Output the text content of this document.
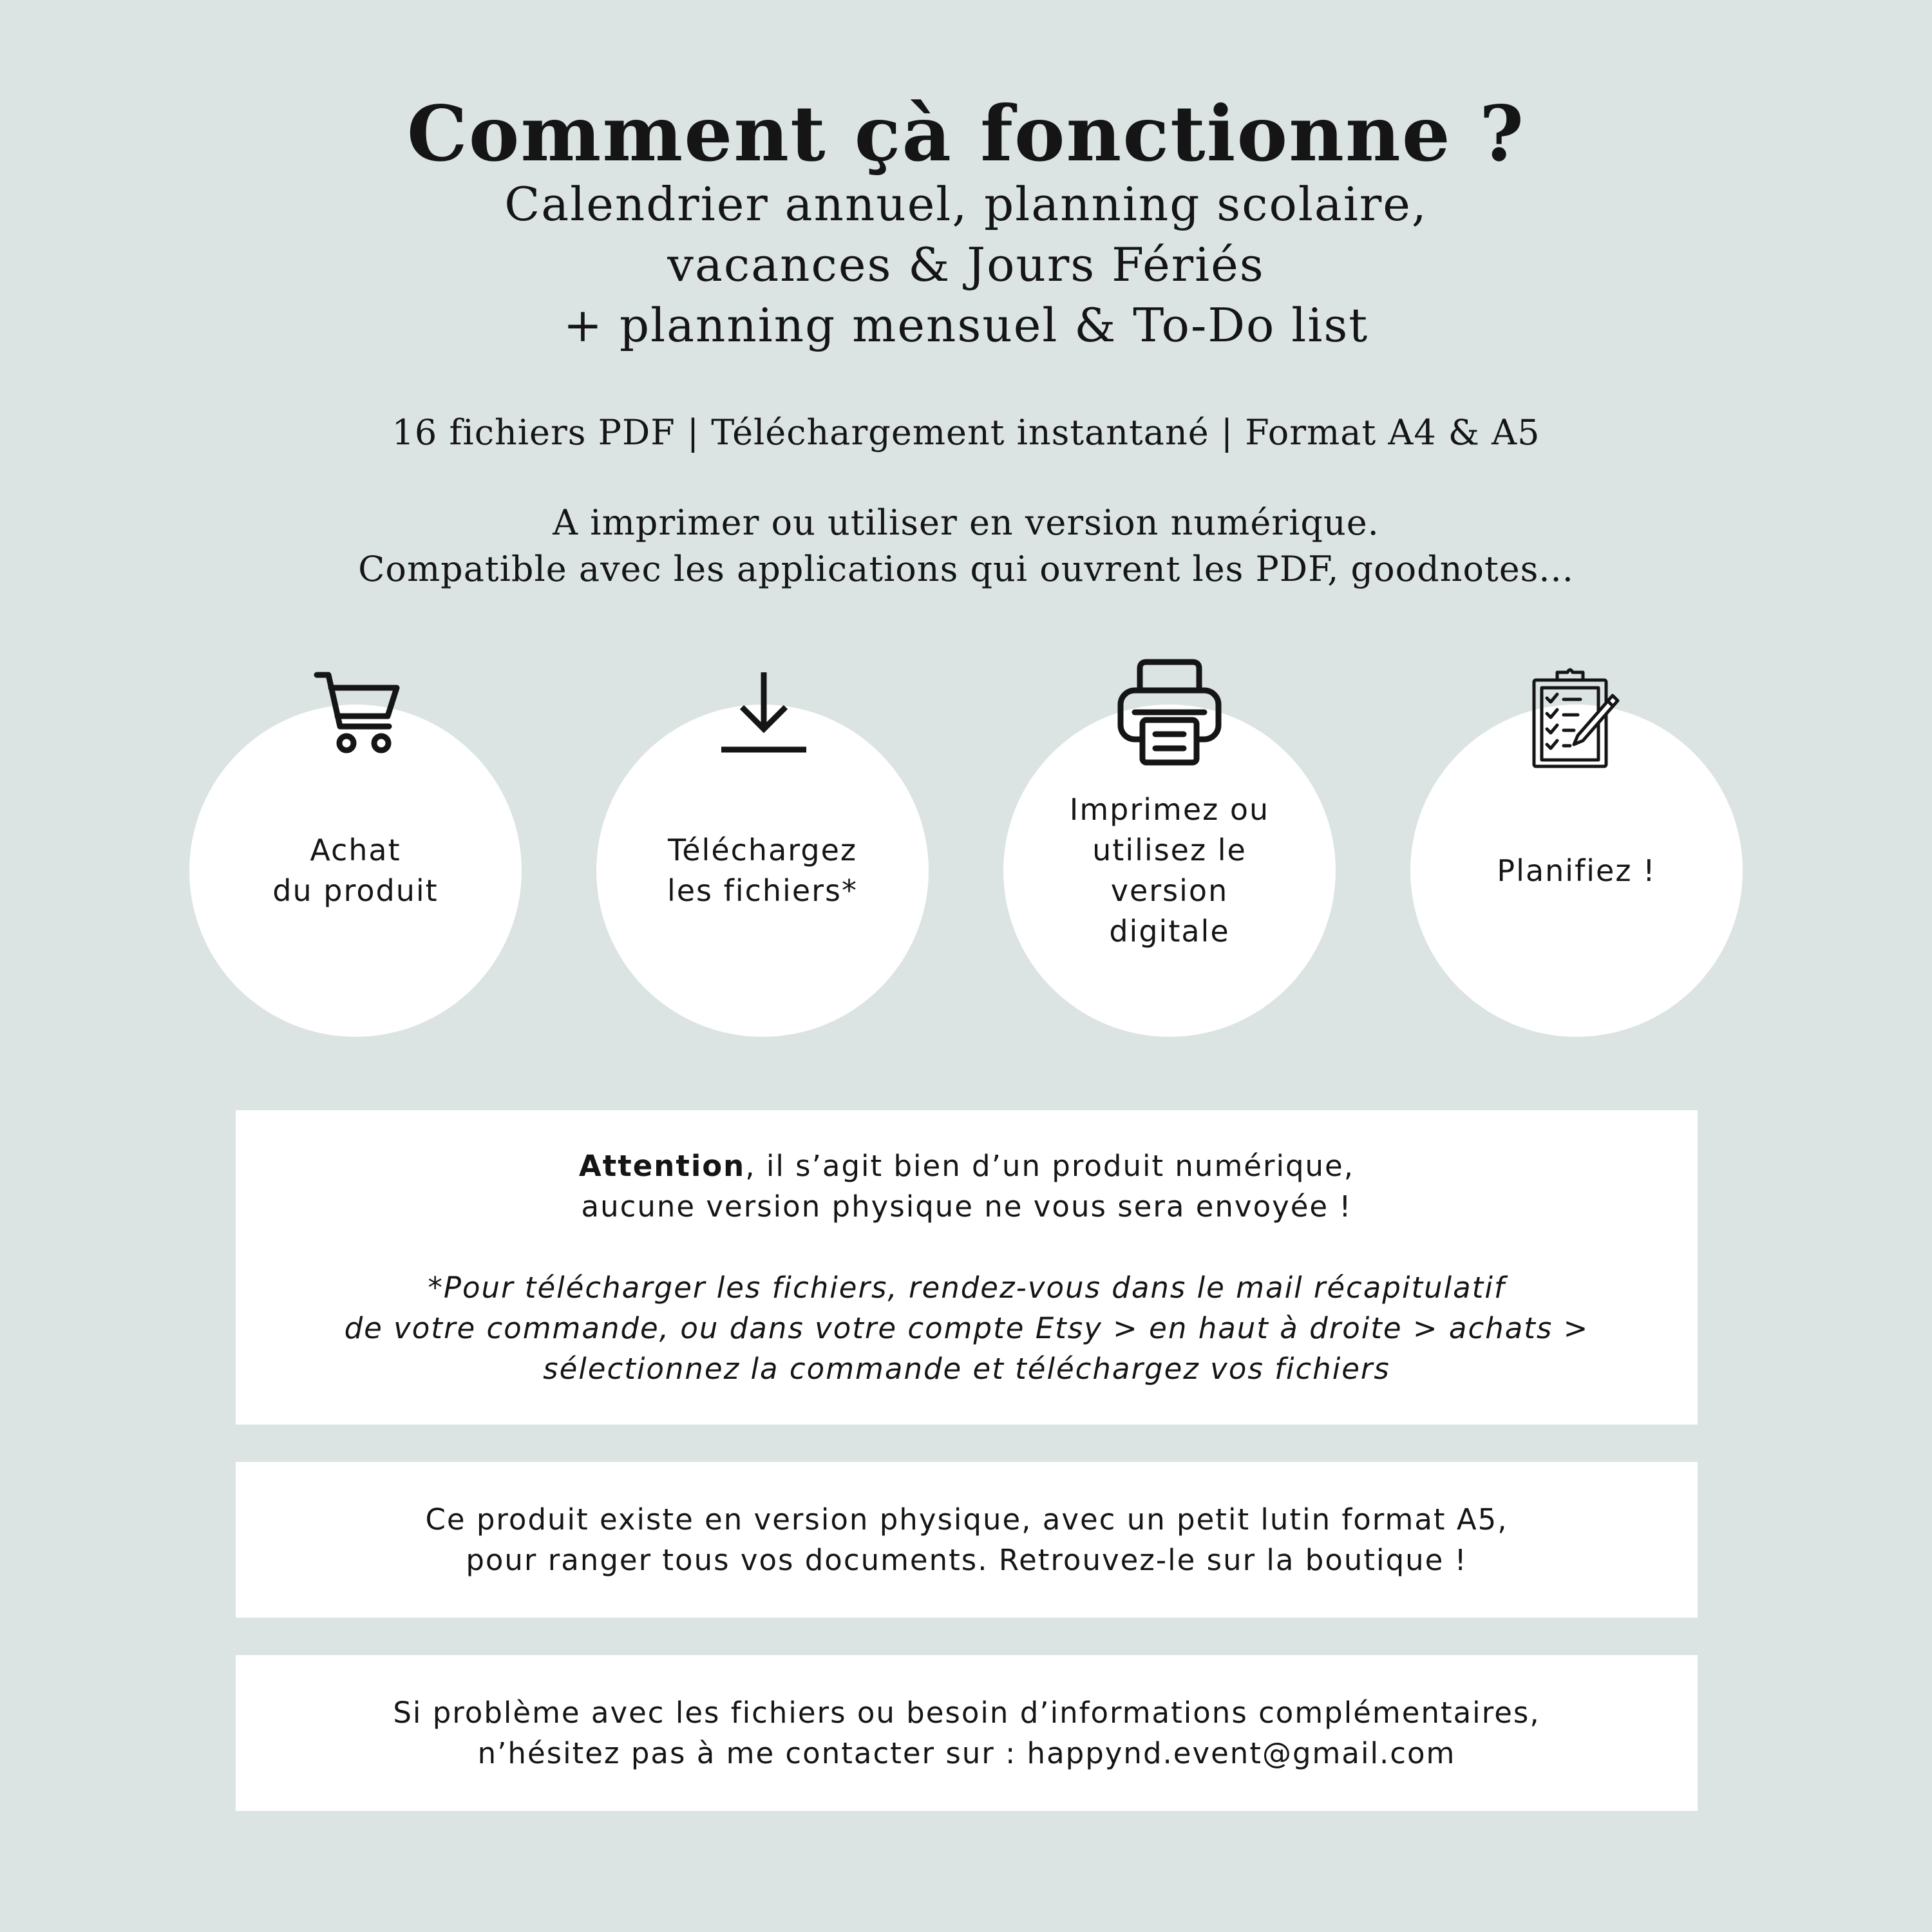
Comment çà fonctionne ?
Calendrier annuel, planning scolaire,
vacances & Jours Fériés
+ planning mensuel & To-Do list
16 fichiers PDF | Téléchargement instantané | Format A4 & A5
A imprimer ou utiliser en version numérique.
Compatible avec les applications qui ouvrent les PDF, goodnotes...
Achat
du produit
Téléchargez
les fichiers*
Imprimez ou
utilisez le
version
digitale
Planifiez !
Attention, il s’agit bien d’un produit numérique,
aucune version physique ne vous sera envoyée !
*Pour télécharger les fichiers, rendez-vous dans le mail récapitulatif
de votre commande, ou dans votre compte Etsy > en haut à droite > achats >
sélectionnez la commande et téléchargez vos fichiers
Ce produit existe en version physique, avec un petit lutin format A5,
pour ranger tous vos documents. Retrouvez-le sur la boutique !
Si problème avec les fichiers ou besoin d’informations complémentaires,
n’hésitez pas à me contacter sur : happynd.event@gmail.com
